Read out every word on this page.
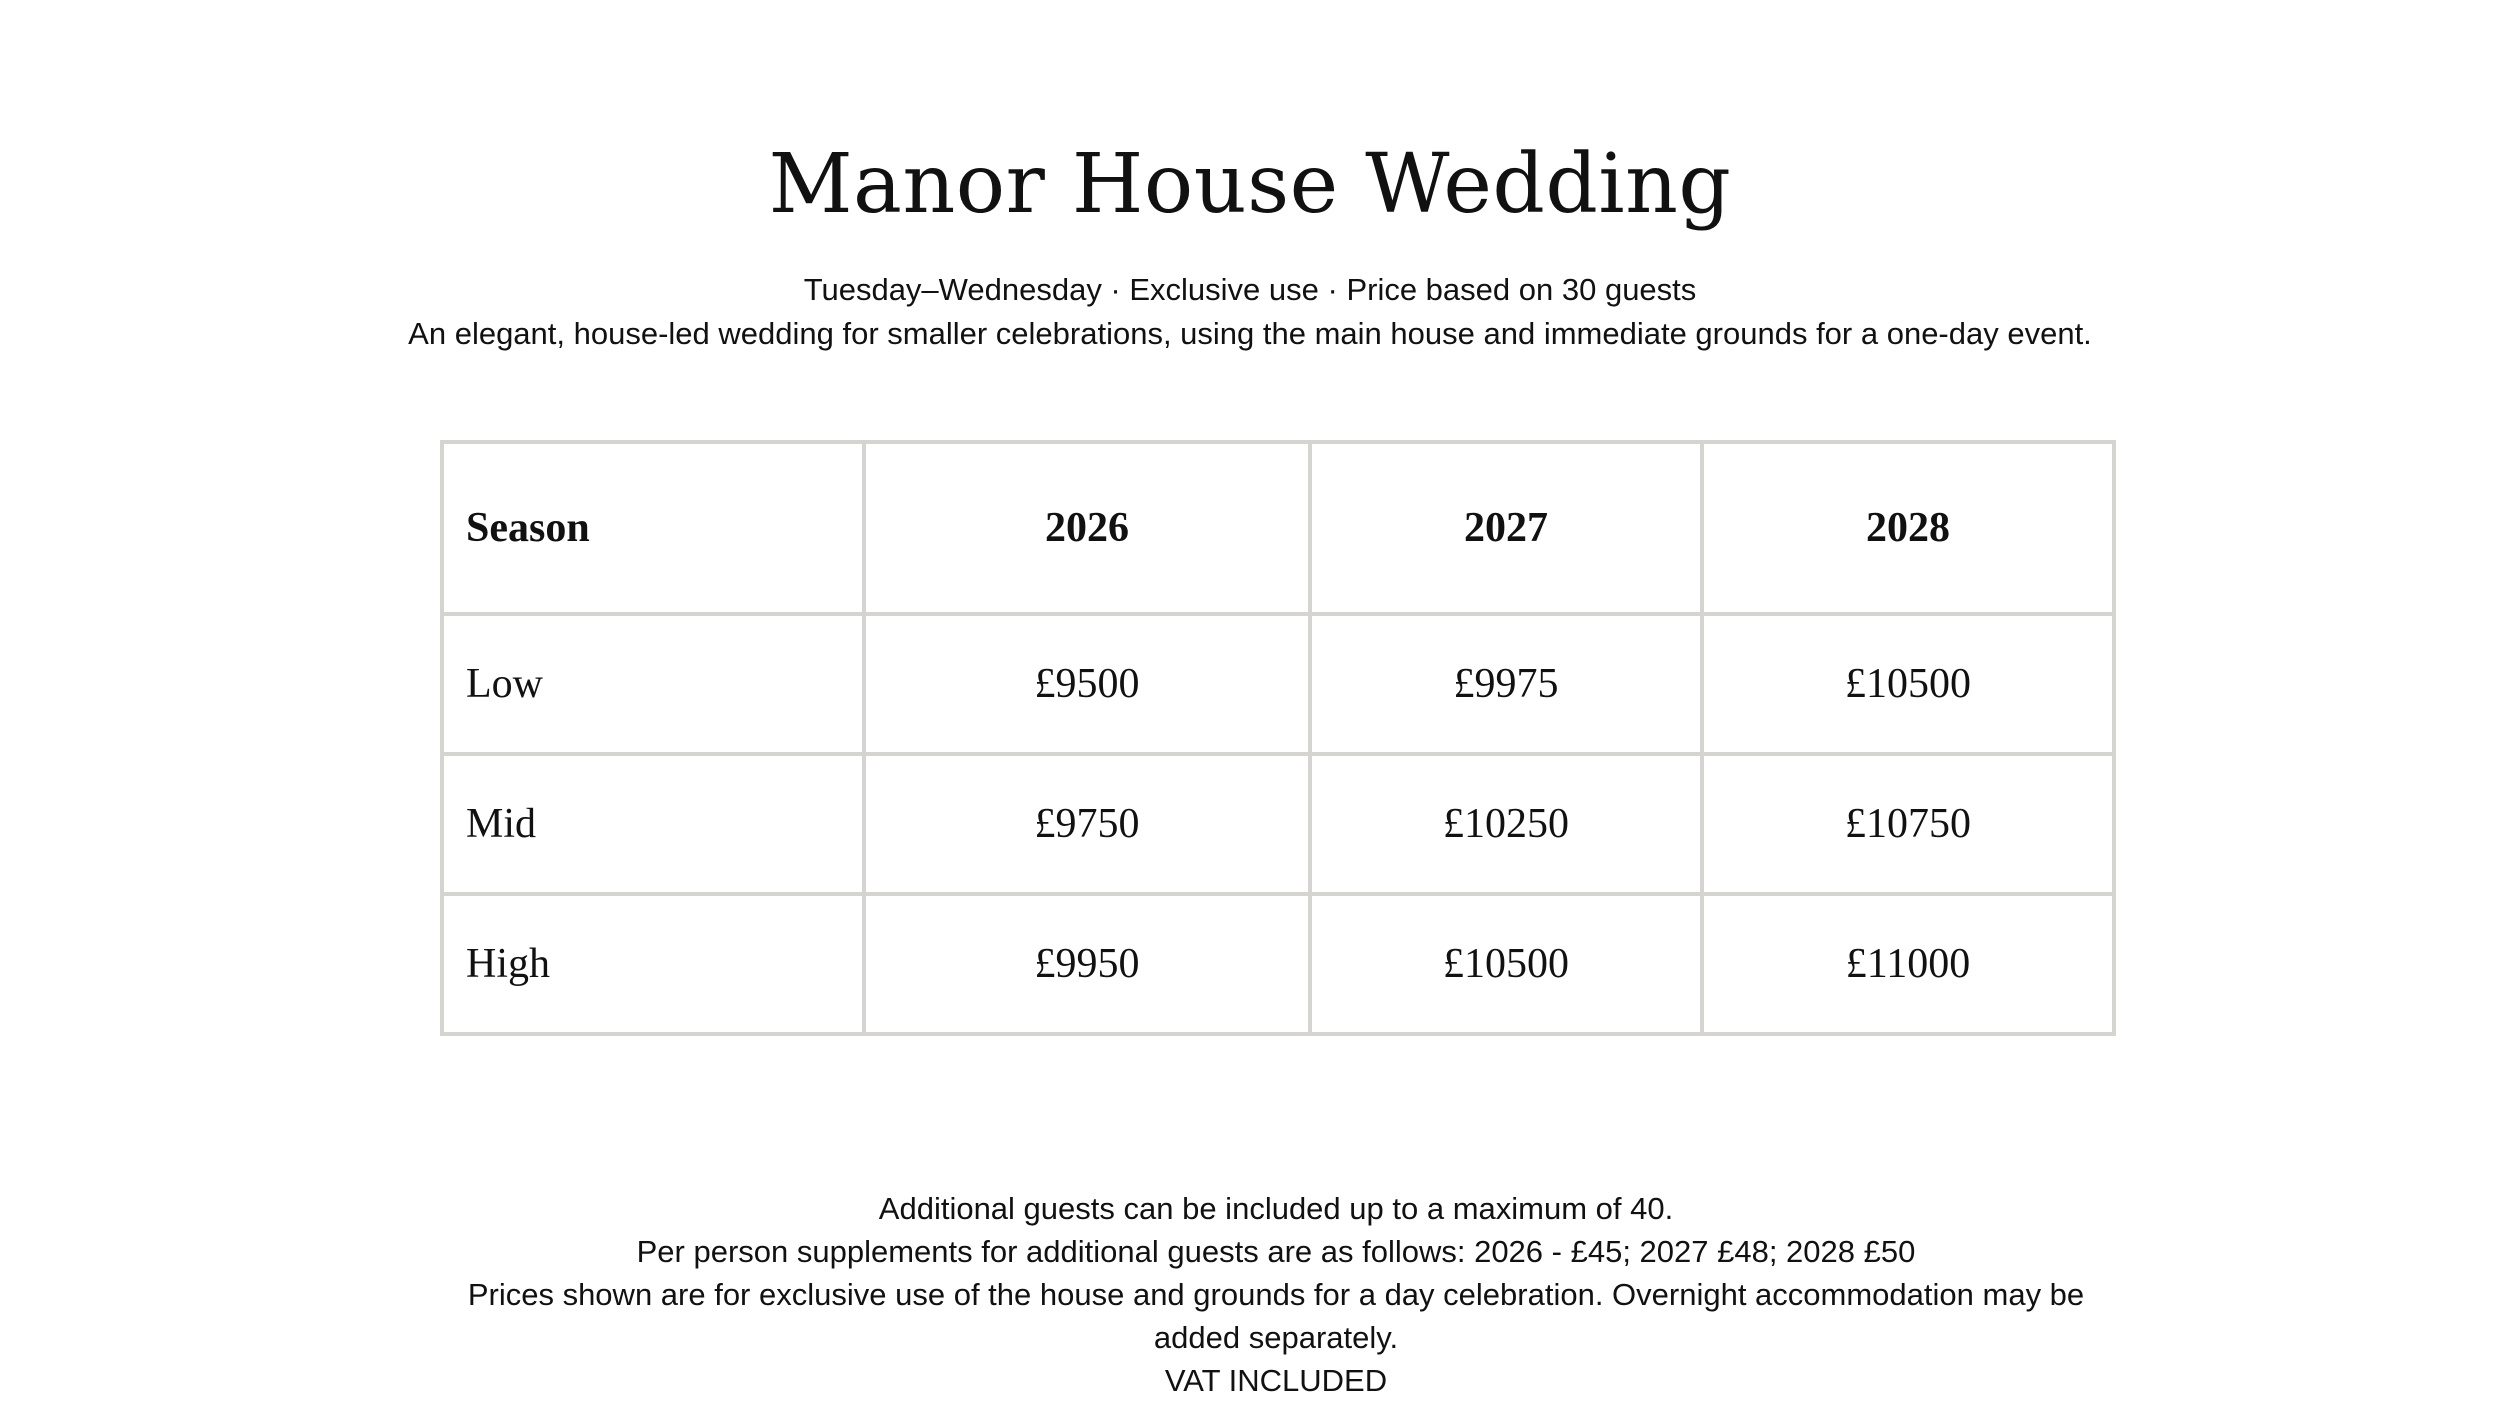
Manor House Wedding

Tuesday–Wednesday · Exclusive use · Price based on 30 guests

An elegant, house-led wedding for smaller celebrations, using the main house and immediate grounds for a one-day event.

Season	2026	2027	2028
Low	£9500	£9975	£10500
Mid	£9750	£10250	£10750
High	£9950	£10500	£11000

Additional guests can be included up to a maximum of 40.

Per person supplements for additional guests are as follows: 2026 - £45; 2027 £48; 2028 £50

Prices shown are for exclusive use of the house and grounds for a day celebration. Overnight accommodation may be added separately.

VAT INCLUDED
